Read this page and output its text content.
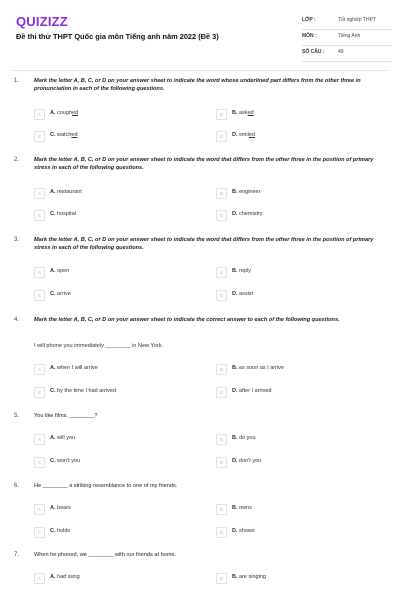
QUIZIZZ
Đề thi thử THPT Quốc gia môn Tiếng anh năm 2022 (Đề 3)
LỚP :	Tốt nghiệp THPT
MÔN :	Tiếng Anh
SỐ CÂU :	49
1.	Mark the letter A, B, C, or D on your answer sheet to indicate the word whose underlined part differs from the other three in pronunciation in each of the following questions.
A	A. coughed	B	B. asked
C	C. watched	D	D. smiled
2.	Mark the letter A, B, C, or D on your answer sheet to indicate the word that differs from the other three in the position of primary stress in each of the following questions.
A	A. restaurant	B	B. engineer
C	C. hospital	D	D. chemistry
3.	Mark the letter A, B, C, or D on your answer sheet to indicate the word that differs from the other three in the position of primary stress in each of the following questions.
A	A. open	B	B. reply
C	C. arrive	D	D. assist
4.	Mark the letter A, B, C, or D on your answer sheet to indicate the correct answer to each of the following questions.
I will phone you immediately ________ in New York.
A	A. when I will arrive	B	B. as soon as I arrive
C	C. by the time I had arrived	D	D. after I arrived
5.	You like films, ________?
A	A. will you	B	B. do you
C	C. won't you	D	D. don't you
6.	He ________ a striking resemblance to one of my friends.
A	A. bears	B	B. owns
C	C. holds	D	D. shows
7.	When he phoned, we ________ with our friends at home.
A	A. had sung	B	B. are singing
